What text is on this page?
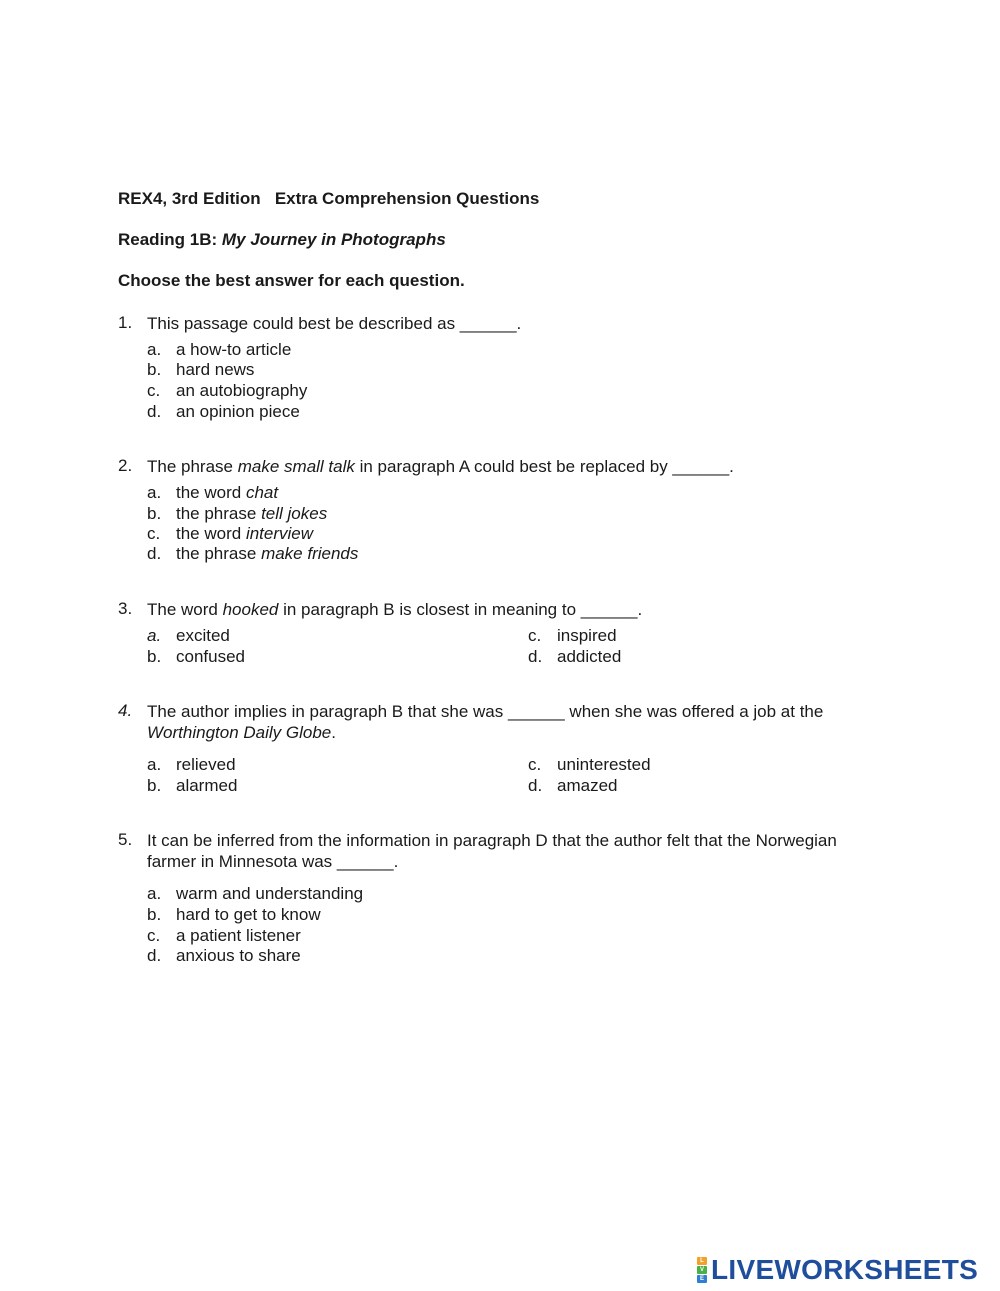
REX4, 3rd Edition Extra Comprehension Questions
Reading 1B: My Journey in Photographs
Choose the best answer for each question.
1. This passage could best be described as ______.
a. a how-to article
b. hard news
c. an autobiography
d. an opinion piece
2. The phrase make small talk in paragraph A could best be replaced by ______.
a. the word chat
b. the phrase tell jokes
c. the word interview
d. the phrase make friends
3. The word hooked in paragraph B is closest in meaning to ______.
a. excited
b. confused
c. inspired
d. addicted
4. The author implies in paragraph B that she was ______ when she was offered a job at the
Worthington Daily Globe.
a. relieved
b. alarmed
c. uninterested
d. amazed
5. It can be inferred from the information in paragraph D that the author felt that the Norwegian
farmer in Minnesota was ______.
a. warm and understanding
b. hard to get to know
c. a patient listener
d. anxious to share
L
V
E LIVEWORKSHEETS
